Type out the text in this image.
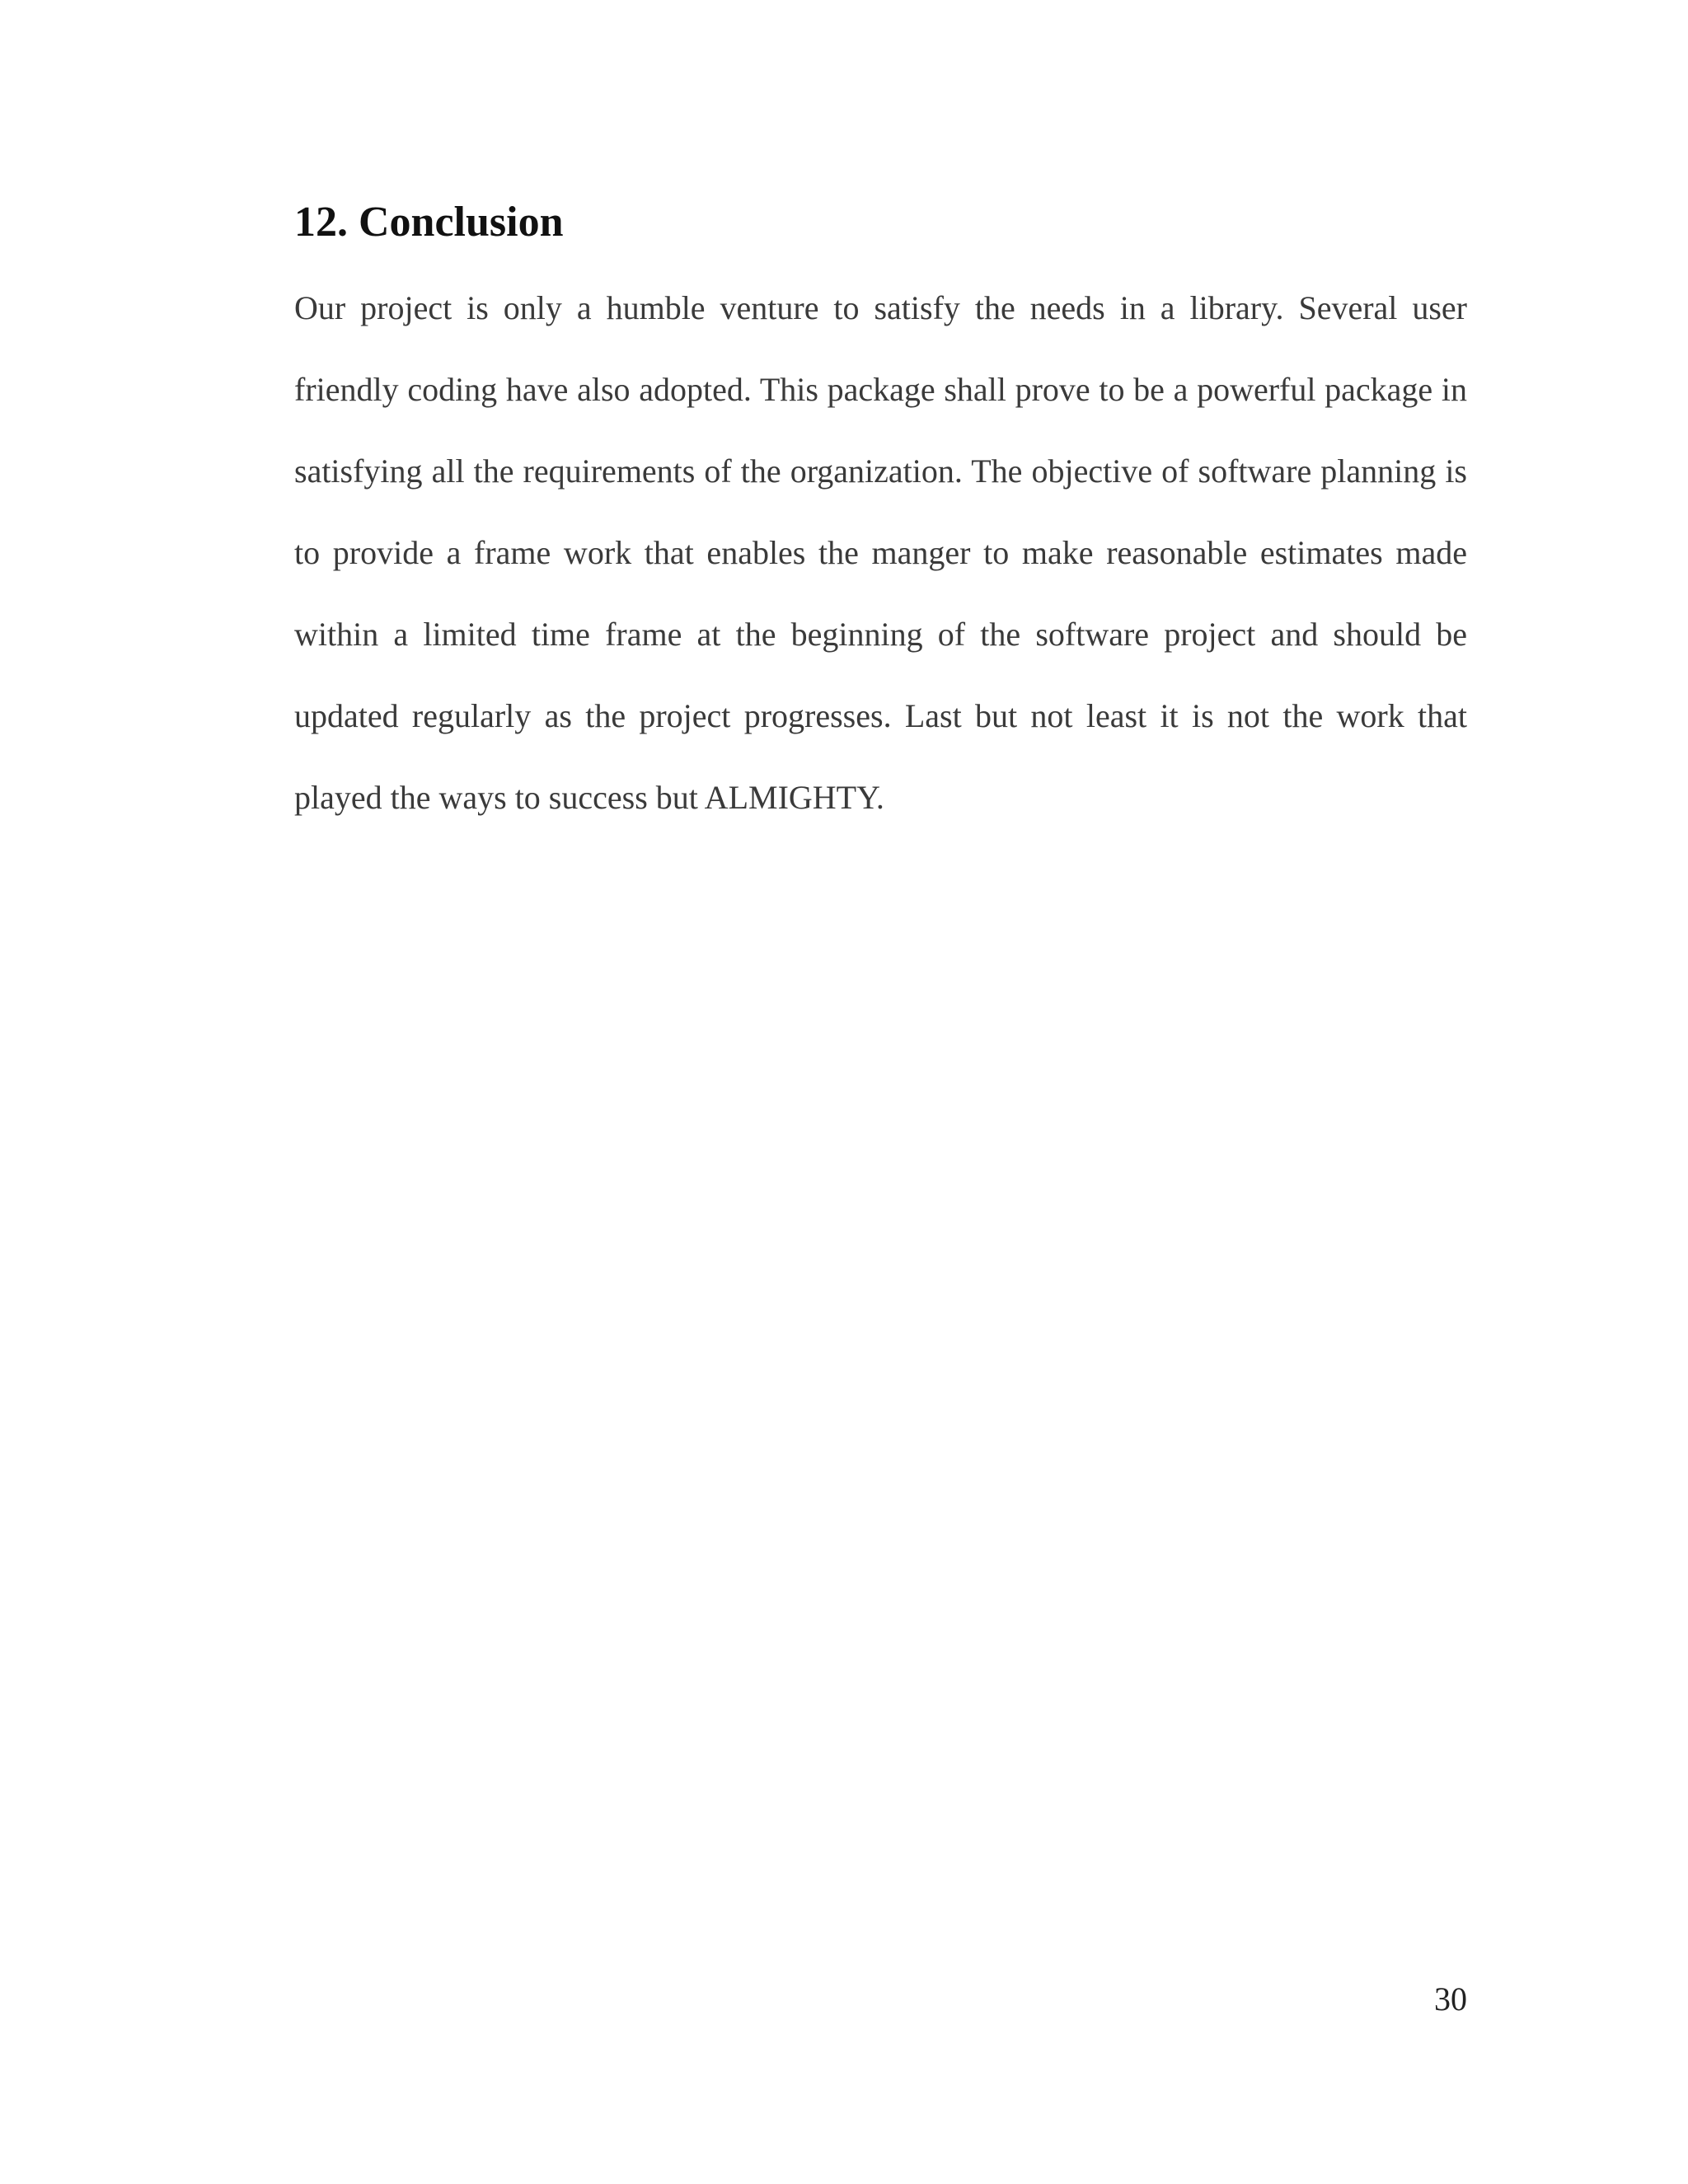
12. Conclusion

Our project is only a humble venture to satisfy the needs in a library. Several user friendly coding have also adopted. This package shall prove to be a powerful package in satisfying all the requirements of the organization. The objective of software planning is to provide a frame work that enables the manger to make reasonable estimates made within a limited time frame at the beginning of the software project and should be updated regularly as the project progresses. Last but not least it is not the work that played the ways to success but ALMIGHTY.

30
